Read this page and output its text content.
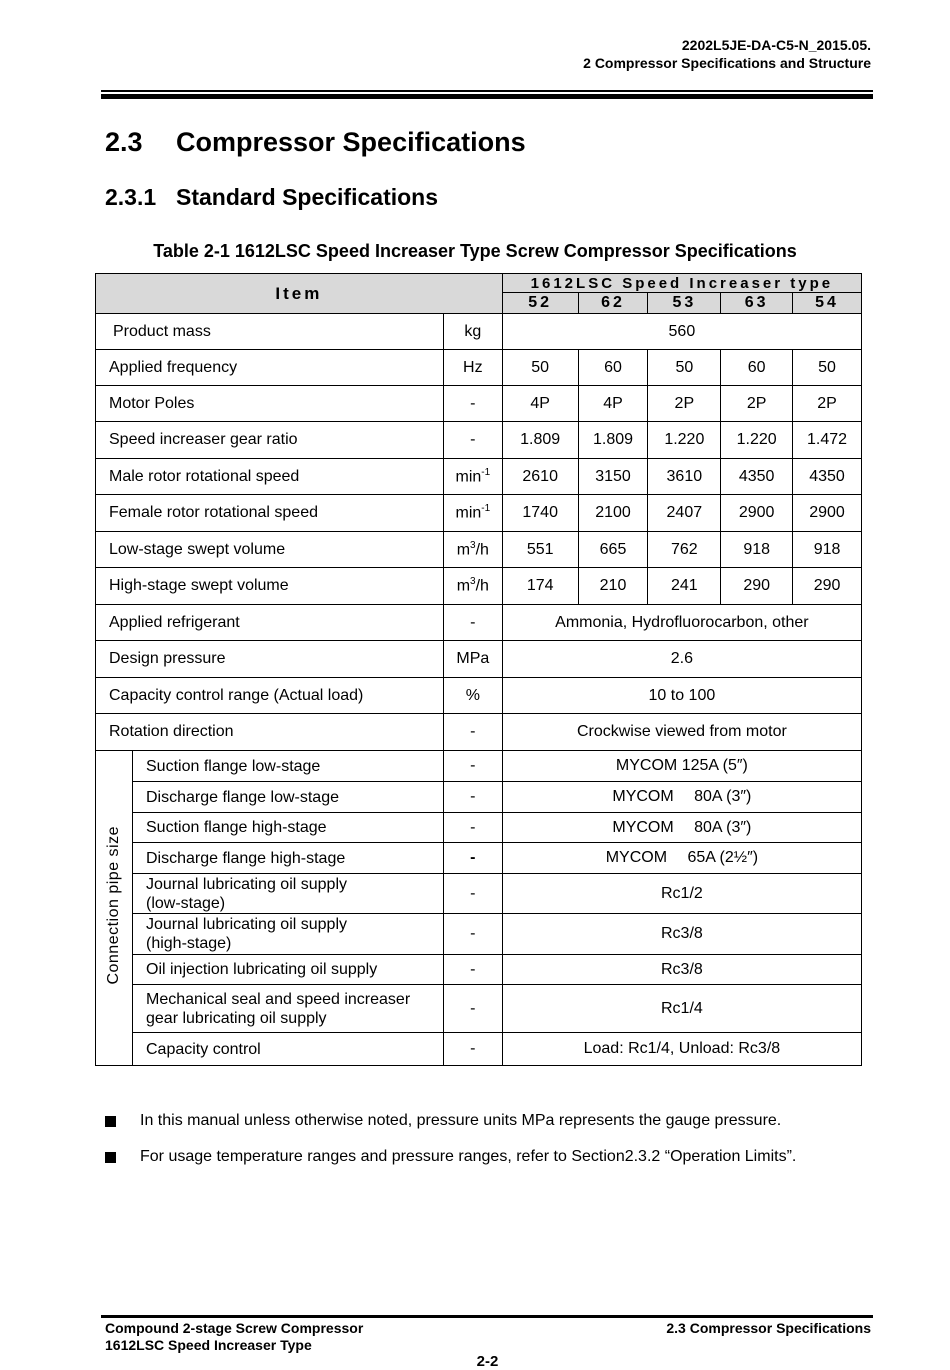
2202L5JE-DA-C5-N_2015.05.
2 Compressor Specifications and Structure
2.3 Compressor Specifications
2.3.1 Standard Specifications
Table 2-1 1612LSC Speed Increaser Type Screw Compressor Specifications
Item			1612LSC Speed Increaser type				
			52	62	53	63	54
Product mass		kg	560				
Applied frequency		Hz	50	60	50	60	50
Motor Poles		-	4P	4P	2P	2P	2P
Speed increaser gear ratio		-	1.809	1.809	1.220	1.220	1.472
Male rotor rotational speed		$\min^{-1}$	2610	3150	3610	4350	4350
Female rotor rotational speed		$\min^{-1}$	1740	2100	2407	2900	2900
Low-stage swept volume		$m^3/h$	551	665	762	918	918
High-stage swept volume		$m^3/h$	174	210	241	290	290
Applied refrigerant		-	Ammonia, Hydrofluorocarbon, other				
Design pressure		MPa	2.6				
Capacity control range (Actual load)		%	10 to 100				
Rotation direction		-	Crockwise viewed from motor				
Connection pipe size	Suction flange low-stage	-	MYCOM 125A (5″)				
	Discharge flange low-stage	-	MYCOM  80A (3″)				
	Suction flange high-stage	-	MYCOM  80A (3″)				
	Discharge flange high-stage	-	MYCOM  65A (2½″)				

	Journal lubricating oil supply
(low-stage)	-	Rc1/2				

	Journal lubricating oil supply
(high-stage)	-	Rc3/8				
	Oil injection lubricating oil supply	-	Rc3/8				

	Mechanical seal and speed increaser
gear lubricating oil supply	-	Rc1/4				
	Capacity control	-	Load: Rc1/4, Unload: Rc3/8				
In this manual unless otherwise noted, pressure units MPa represents the gauge pressure.
For usage temperature ranges and pressure ranges, refer to Section2.3.2 “Operation Limits”.
Compound 2-stage Screw Compressor
1612LSC Speed Increaser Type
2.3 Compressor Specifications
2-2
